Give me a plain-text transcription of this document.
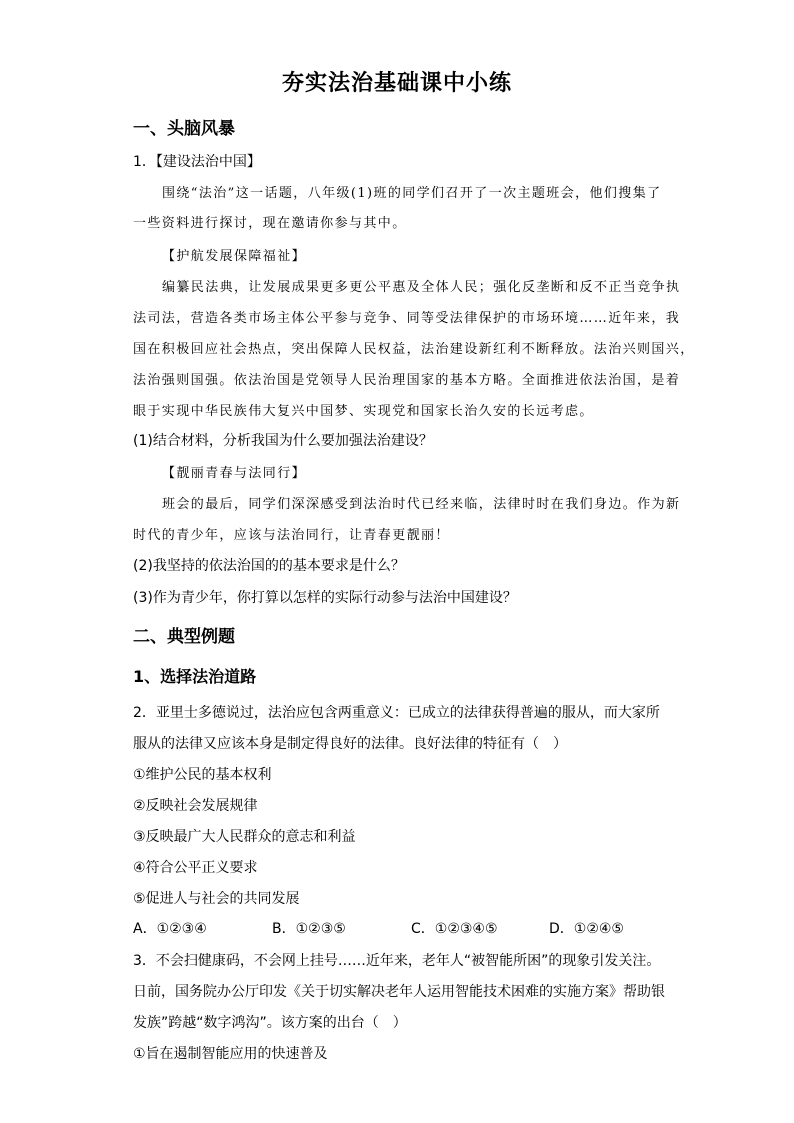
夯实法治基础课中小练
一、头脑风暴
1．【建设法治中国】
围绕“法治”这一话题，八年级(1)班的同学们召开了一次主题班会，他们搜集了
一些资料进行探讨，现在邀请你参与其中。
【护航发展保障福祉】
编纂民法典，让发展成果更多更公平惠及全体人民；强化反垄断和反不正当竞争执
法司法，营造各类市场主体公平参与竞争、同等受法律保护的市场环境……近年来，我
国在积极回应社会热点，突出保障人民权益，法治建设新红利不断释放。法治兴则国兴，
法治强则国强。依法治国是党领导人民治理国家的基本方略。全面推进依法治国，是着
眼于实现中华民族伟大复兴中国梦、实现党和国家长治久安的长远考虑。
(1)结合材料，分析我国为什么要加强法治建设？
【靓丽青春与法同行】
班会的最后，同学们深深感受到法治时代已经来临，法律时时在我们身边。作为新
时代的青少年，应该与法治同行，让青春更靓丽！
(2)我坚持的依法治国的的基本要求是什么？
(3)作为青少年，你打算以怎样的实际行动参与法治中国建设？
二、典型例题
1、选择法治道路
2．亚里士多德说过，法治应包含两重意义：已成立的法律获得普遍的服从，而大家所
服从的法律又应该本身是制定得良好的法律。良好法律的特征有（　）
①维护公民的基本权利
②反映社会发展规律
③反映最广大人民群众的意志和利益
④符合公平正义要求
⑤促进人与社会的共同发展
A．①②③④	B．①②③⑤	C．①②③④⑤	D．①②④⑤
3．不会扫健康码，不会网上挂号……近年来，老年人“被智能所困”的现象引发关注。
日前，国务院办公厅印发《关于切实解决老年人运用智能技术困难的实施方案》帮助银
发族”跨越“数字鸿沟”。该方案的出台（　）
①旨在遏制智能应用的快速普及
